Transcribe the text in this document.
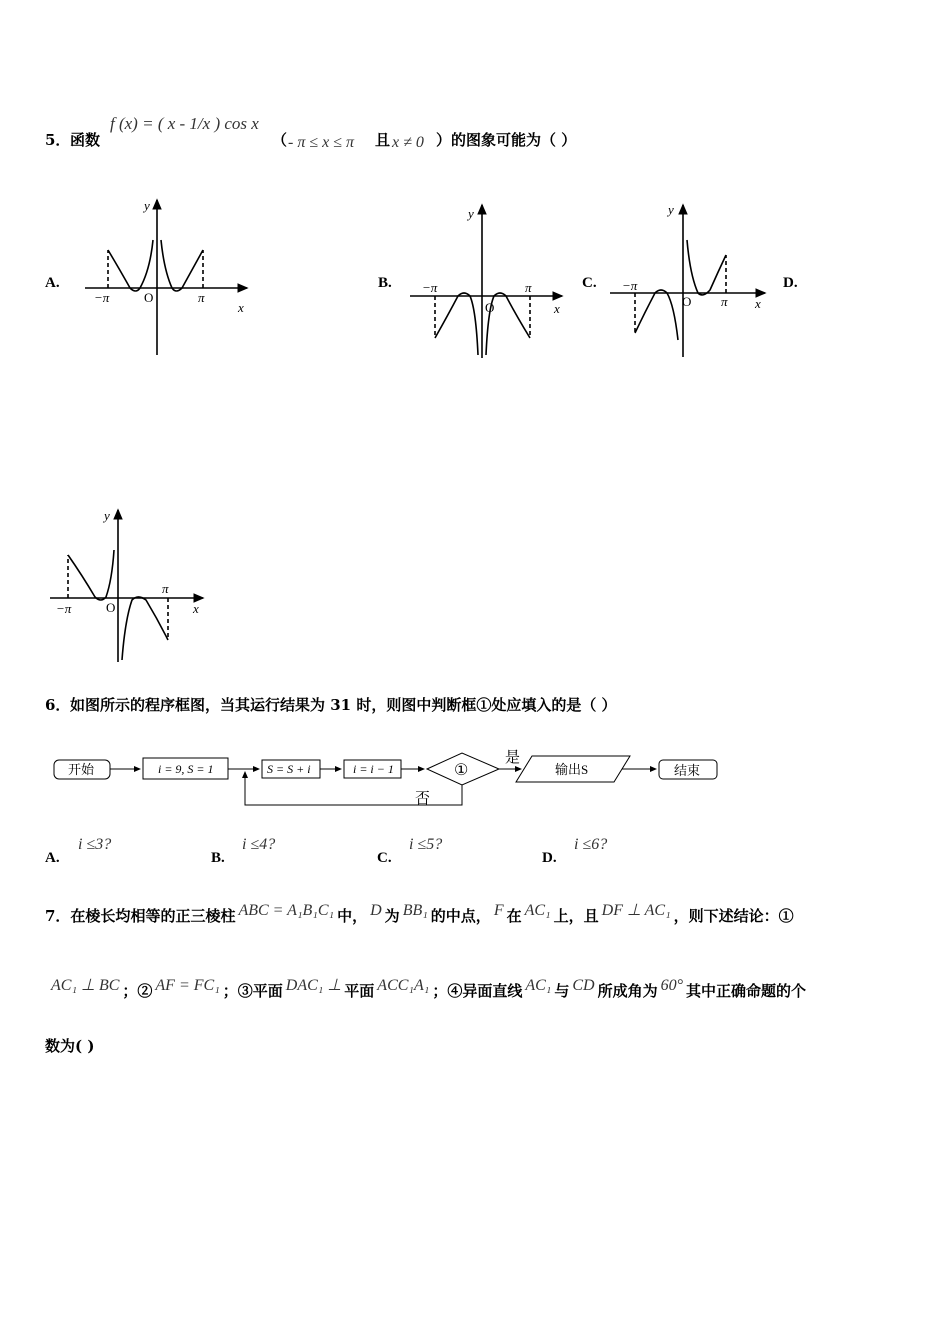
5． 函数
f (x) = ( x - 1/x ) cos x
（ - π ≤ x ≤ π 且 x ≠ 0 ）的图象可能为（ ）
A.	B.	C.	D.
−π	O	π
x
y
−π
O
π
x
y
−π
O π x
y
−π	O
π
x
y
开始	i = 9, S = 1	S = S + i	i = i − 1	①
是
否
输出S	结束
6． 如图所示的程序框图，当其运行结果为 31 时，则图中判断框①处应填入的是（ ）
A.
i ≤3?
B.
i ≤4?
C.
i ≤5?
D.
i ≤6?
7．在棱长均相等的正三棱柱 ABC = A₁B₁C₁ 中， D 为 BB₁ 的中点， F 在 AC₁ 上，且 DF ⊥ AC₁ ，则下述结论：①
AC₁ ⊥ BC ；② AF = FC₁ ；③平面 DAC₁ ⊥ 平面 ACC₁A₁ ；④异面直线 AC₁ 与 CD 所成角为 60° 其中正确命题的个
数为( )
